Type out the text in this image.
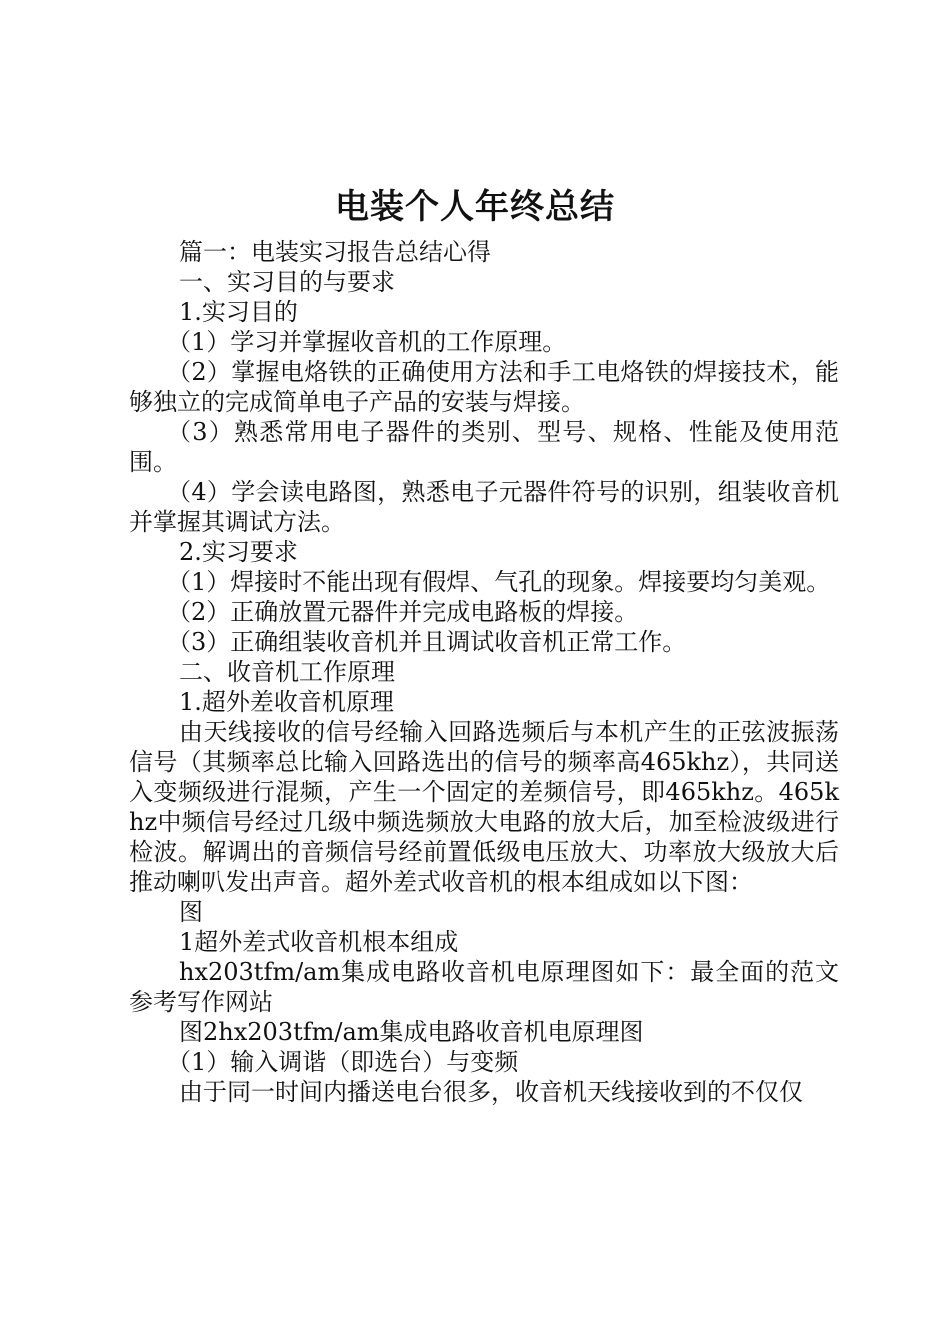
电装个人年终总结

篇一：电装实习报告总结心得

一、实习目的与要求

1.实习目的

（1）学习并掌握收音机的工作原理。

（2）掌握电烙铁的正确使用方法和手工电烙铁的焊接技术，能够独立的完成简单电子产品的安装与焊接。

（3）熟悉常用电子器件的类别、型号、规格、性能及使用范围。

（4）学会读电路图，熟悉电子元器件符号的识别，组装收音机并掌握其调试方法。

2.实习要求

（1）焊接时不能出现有假焊、气孔的现象。焊接要均匀美观。

（2）正确放置元器件并完成电路板的焊接。

（3）正确组装收音机并且调试收音机正常工作。

二、收音机工作原理

1.超外差收音机原理

由天线接收的信号经输入回路选频后与本机产生的正弦波振荡信号（其频率总比输入回路选出的信号的频率高465khz），共同送入变频级进行混频，产生一个固定的差频信号，即465khz。465khz中频信号经过几级中频选频放大电路的放大后，加至检波级进行检波。解调出的音频信号经前置低级电压放大、功率放大级放大后推动喇叭发出声音。超外差式收音机的根本组成如以下图：

图

1超外差式收音机根本组成

hx203tfm/am集成电路收音机电原理图如下：最全面的范文参考写作网站

图2hx203tfm/am集成电路收音机电原理图

（1）输入调谐（即选台）与变频

由于同一时间内播送电台很多，收音机天线接收到的不仅仅
